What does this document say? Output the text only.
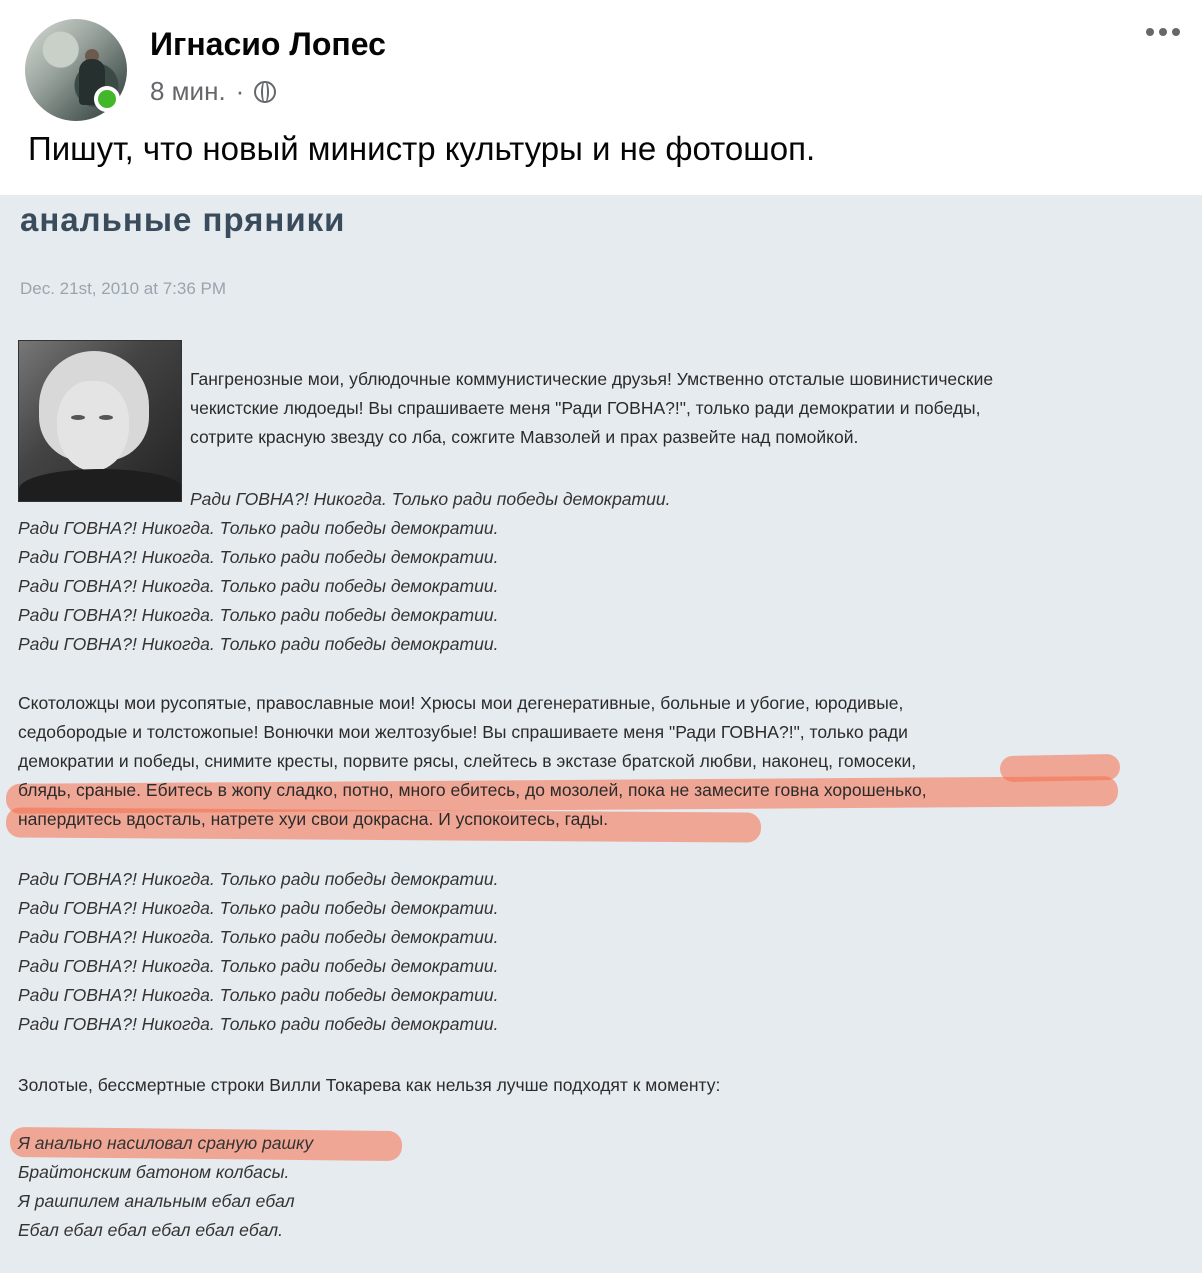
Игнасио Лопес
8 мин. ·
Пишут, что новый министр культуры и не фотошоп.
анальные пряники
Dec. 21st, 2010 at 7:36 PM
Гангренозные мои, ублюдочные коммунистические друзья! Умственно отсталые шовинистические
чекистские людоеды! Вы спрашиваете меня "Ради ГОВНА?!", только ради демократии и победы,
сотрите красную звезду со лба, сожгите Мавзолей и прах развейте над помойкой.
Ради ГОВНА?! Никогда. Только ради победы демократии.
Ради ГОВНА?! Никогда. Только ради победы демократии.
Ради ГОВНА?! Никогда. Только ради победы демократии.
Ради ГОВНА?! Никогда. Только ради победы демократии.
Ради ГОВНА?! Никогда. Только ради победы демократии.
Ради ГОВНА?! Никогда. Только ради победы демократии.
Скотоложцы мои русопятые, православные мои! Хрюсы мои дегенеративные, больные и убогие, юродивые,
седобородые и толстожопые! Вонючки мои желтозубые! Вы спрашиваете меня "Ради ГОВНА?!", только ради
демократии и победы, снимите кресты, порвите рясы, слейтесь в экстазе братской любви, наконец, гомосеки,
блядь, сраные. Ебитесь в жопу сладко, потно, много ебитесь, до мозолей, пока не замесите говна хорошенько,
напердитесь вдосталь, натрете хуи свои докрасна. И успокоитесь, гады.
Ради ГОВНА?! Никогда. Только ради победы демократии.
Ради ГОВНА?! Никогда. Только ради победы демократии.
Ради ГОВНА?! Никогда. Только ради победы демократии.
Ради ГОВНА?! Никогда. Только ради победы демократии.
Ради ГОВНА?! Никогда. Только ради победы демократии.
Ради ГОВНА?! Никогда. Только ради победы демократии.
Золотые, бессмертные строки Вилли Токарева как нельзя лучше подходят к моменту:
Я анально насиловал сраную рашку
Брайтонским батоном колбасы.
Я рашпилем анальным ебал ебал
Ебал ебал ебал ебал ебал ебал.
